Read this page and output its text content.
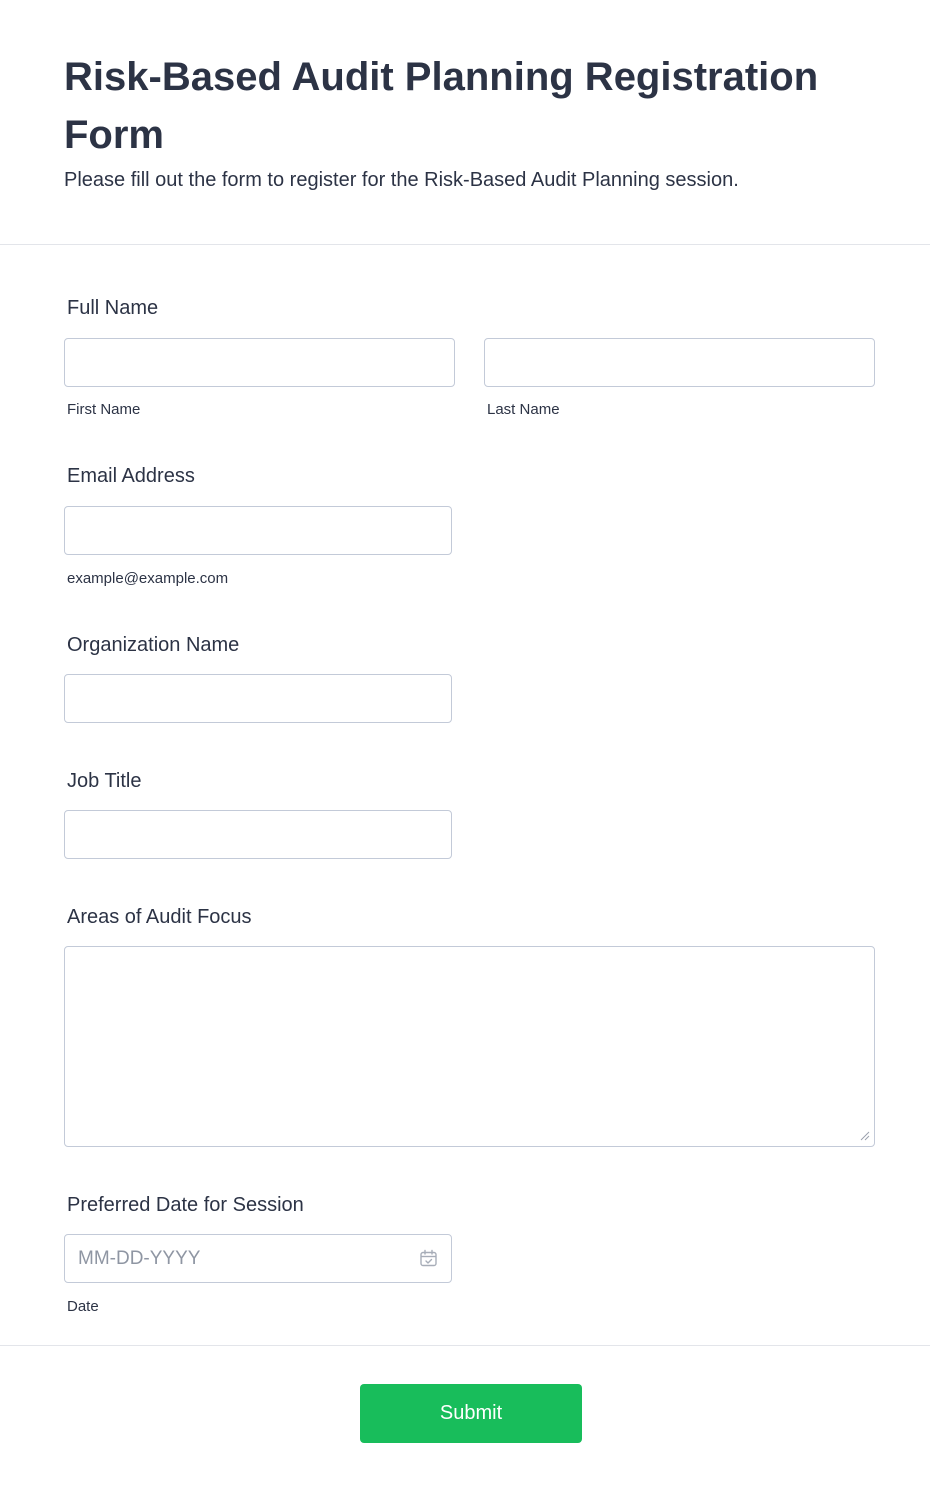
Risk-Based Audit Planning Registration Form

Please fill out the form to register for the Risk-Based Audit Planning session.

Full Name
First Name	Last Name
Email Address
example@example.com
Organization Name
Job Title
Areas of Audit Focus
Preferred Date for Session
MM-DD-YYYY
Date
Submit
